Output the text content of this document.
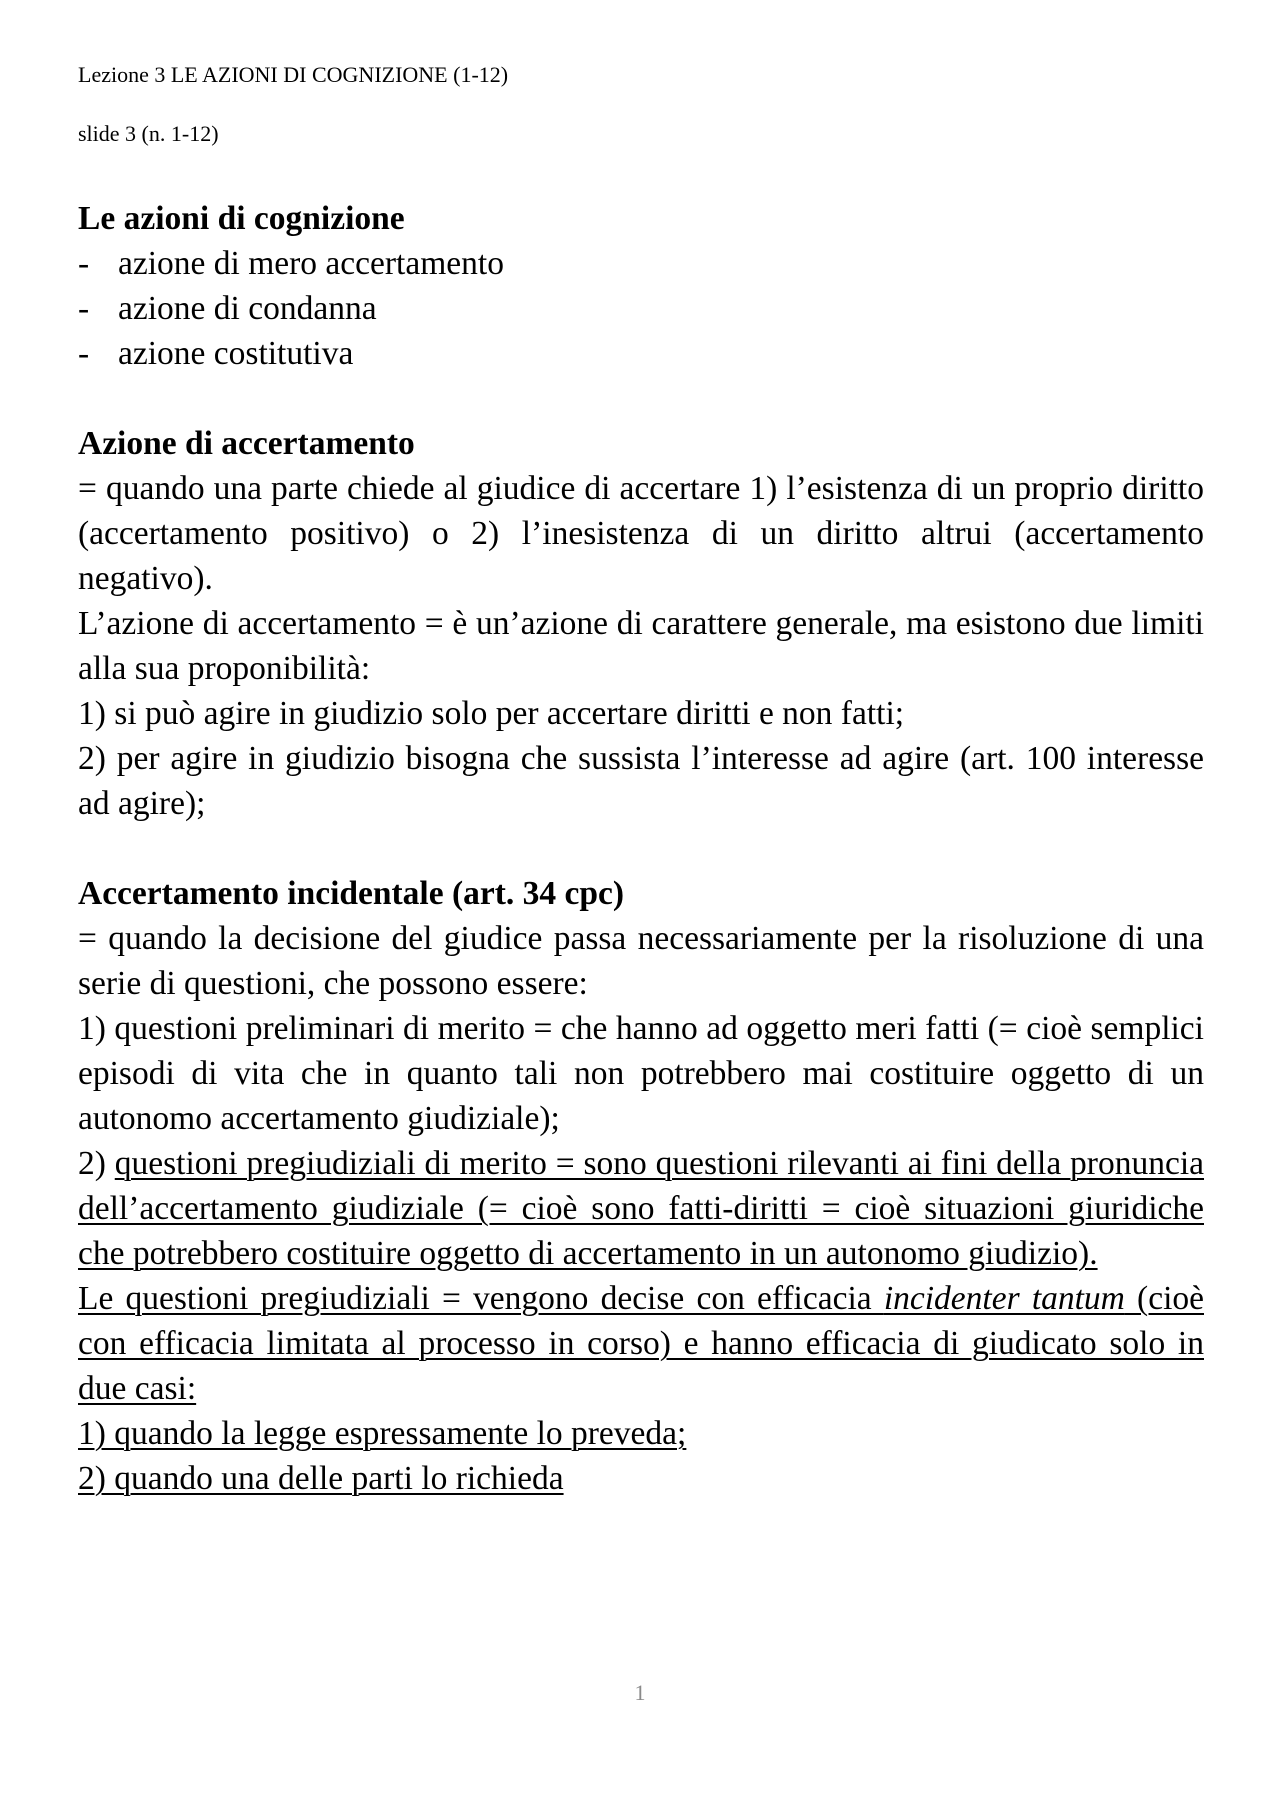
Lezione 3 LE AZIONI DI COGNIZIONE (1-12)
slide 3 (n. 1-12)

Le azioni di cognizione

- azione di mero accertamento
- azione di condanna
- azione costitutiva

Azione di accertamento

= quando una parte chiede al giudice di accertare 1) l’esistenza di un proprio diritto (accertamento positivo) o 2) l’inesistenza di un diritto altrui (accertamento negativo).

L’azione di accertamento = è un’azione di carattere generale, ma esistono due limiti alla sua proponibilità:

1) si può agire in giudizio solo per accertare diritti e non fatti;

2) per agire in giudizio bisogna che sussista l’interesse ad agire (art. 100 interesse ad agire);

Accertamento incidentale (art. 34 cpc)

= quando la decisione del giudice passa necessariamente per la risoluzione di una serie di questioni, che possono essere:

1) questioni preliminari di merito = che hanno ad oggetto meri fatti (= cioè semplici episodi di vita che in quanto tali non potrebbero mai costituire oggetto di un autonomo accertamento giudiziale);

2) questioni pregiudiziali di merito = sono questioni rilevanti ai fini della pronuncia dell’accertamento giudiziale (= cioè sono fatti-diritti = cioè situazioni giuridiche che potrebbero costituire oggetto di accertamento in un autonomo giudizio).

Le questioni pregiudiziali = vengono decise con efficacia incidenter tantum (cioè con efficacia limitata al processo in corso) e hanno efficacia di giudicato solo in due casi:

1) quando la legge espressamente lo preveda;

2) quando una delle parti lo richieda

1
